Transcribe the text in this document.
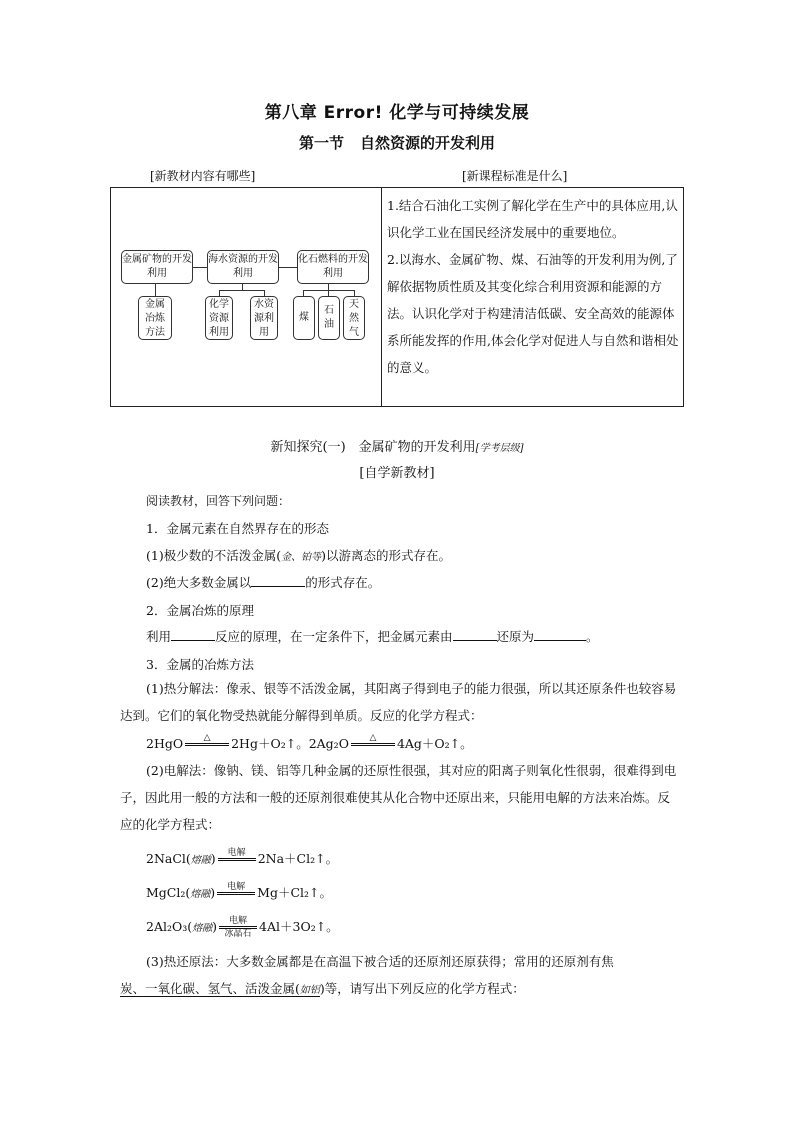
第八章 Error! 化学与可持续发展
第一节 自然资源的开发利用
[新教材内容有哪些]	[新课程标准是什么]
金属矿物的开发利用
海水资源的开发利用
化石燃料的开发利用
金属冶炼方法
化学资源利用
水资源利用
煤
石油
天然气

1.结合石油化工实例了解化学在生产中的具体应用,认识化学工业在国民经济发展中的重要地位。

2.以海水、金属矿物、煤、石油等的开发利用为例,了解依据物质性质及其变化综合利用资源和能源的方法。认识化学对于构建清洁低碳、安全高效的能源体系所能发挥的作用,体会化学对促进人与自然和谐相处的意义。

新知探究(一)　金属矿物的开发利用[学考层级]
[自学新教材]
阅读教材，回答下列问题：
1．金属元素在自然界存在的形态
(1)极少数的不活泼金属(金、铂等)以游离态的形式存在。
(2)绝大多数金属以	的形式存在。
2．金属冶炼的原理
利用	反应的原理，在一定条件下，把金属元素由	还原为	。
3．金属的冶炼方法
(1)热分解法：像汞、银等不活泼金属，其阳离子得到电子的能力很强，所以其还原条件也较容易达到。它们的氧化物受热就能分解得到单质。反应的化学方程式：
2HgO	△
	2Hg＋O₂↑。2Ag₂O	△
	4Ag＋O₂↑。
(2)电解法：像钠、镁、铝等几种金属的还原性很强，其对应的阳离子则氧化性很弱，很难得到电子，因此用一般的方法和一般的还原剂很难使其从化合物中还原出来，只能用电解的方法来冶炼。反应的化学方程式：
2NaCl(熔融)	电解
2Na＋Cl₂↑。
MgCl₂(熔融)	电解
Mg＋Cl₂↑。
2Al₂O₃(熔融)	电解
冰晶石 4Al＋3O₂↑。
(3)热还原法：大多数金属都是在高温下被合适的还原剂还原获得；常用的还原剂有焦
炭、一氧化碳、氢气、活泼金属(如铝)等，请写出下列反应的化学方程式：
